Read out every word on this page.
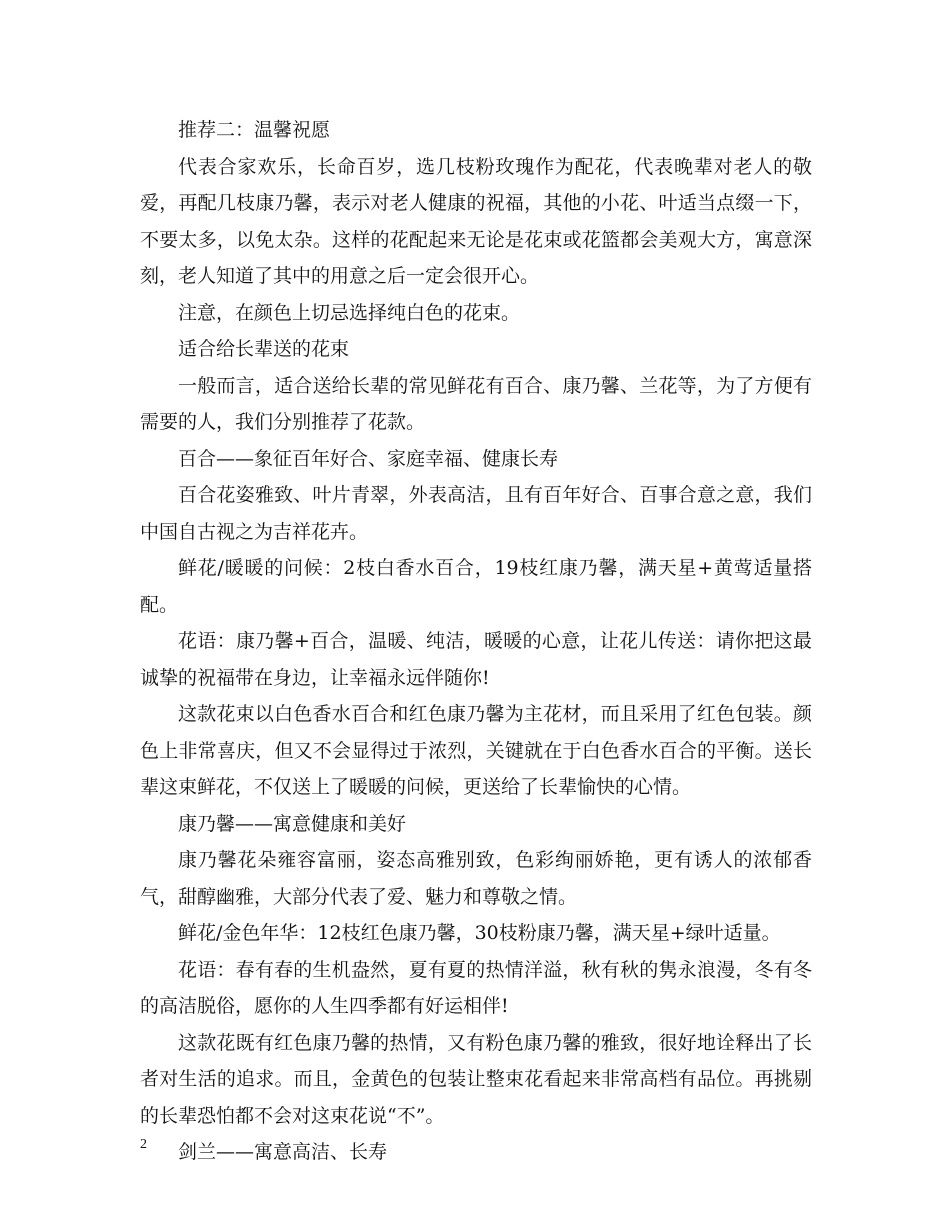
推荐二：温馨祝愿

代表合家欢乐，长命百岁，选几枝粉玫瑰作为配花，代表晚辈对老人的敬爱，再配几枝康乃馨，表示对老人健康的祝福，其他的小花、叶适当点缀一下，不要太多，以免太杂。这样的花配起来无论是花束或花篮都会美观大方，寓意深刻，老人知道了其中的用意之后一定会很开心。

注意，在颜色上切忌选择纯白色的花束。

适合给长辈送的花束

一般而言，适合送给长辈的常见鲜花有百合、康乃馨、兰花等，为了方便有需要的人，我们分别推荐了花款。

百合——象征百年好合、家庭幸福、健康长寿

百合花姿雅致、叶片青翠，外表高洁，且有百年好合、百事合意之意，我们中国自古视之为吉祥花卉。

鲜花/暖暖的问候：2枝白香水百合，19枝红康乃馨，满天星+黄莺适量搭配。

花语：康乃馨+百合，温暖、纯洁，暖暖的心意，让花儿传送：请你把这最诚挚的祝福带在身边，让幸福永远伴随你!

这款花束以白色香水百合和红色康乃馨为主花材，而且采用了红色包装。颜色上非常喜庆，但又不会显得过于浓烈，关键就在于白色香水百合的平衡。送长辈这束鲜花，不仅送上了暖暖的问候，更送给了长辈愉快的心情。

康乃馨——寓意健康和美好

康乃馨花朵雍容富丽，姿态高雅别致，色彩绚丽娇艳，更有诱人的浓郁香气，甜醇幽雅，大部分代表了爱、魅力和尊敬之情。

鲜花/金色年华：12枝红色康乃馨，30枝粉康乃馨，满天星+绿叶适量。

花语：春有春的生机盎然，夏有夏的热情洋溢，秋有秋的隽永浪漫，冬有冬的高洁脱俗，愿你的人生四季都有好运相伴!

这款花既有红色康乃馨的热情，又有粉色康乃馨的雅致，很好地诠释出了长者对生活的追求。而且，金黄色的包装让整束花看起来非常高档有品位。再挑剔的长辈恐怕都不会对这束花说“不”。

剑兰——寓意高洁、长寿

2
